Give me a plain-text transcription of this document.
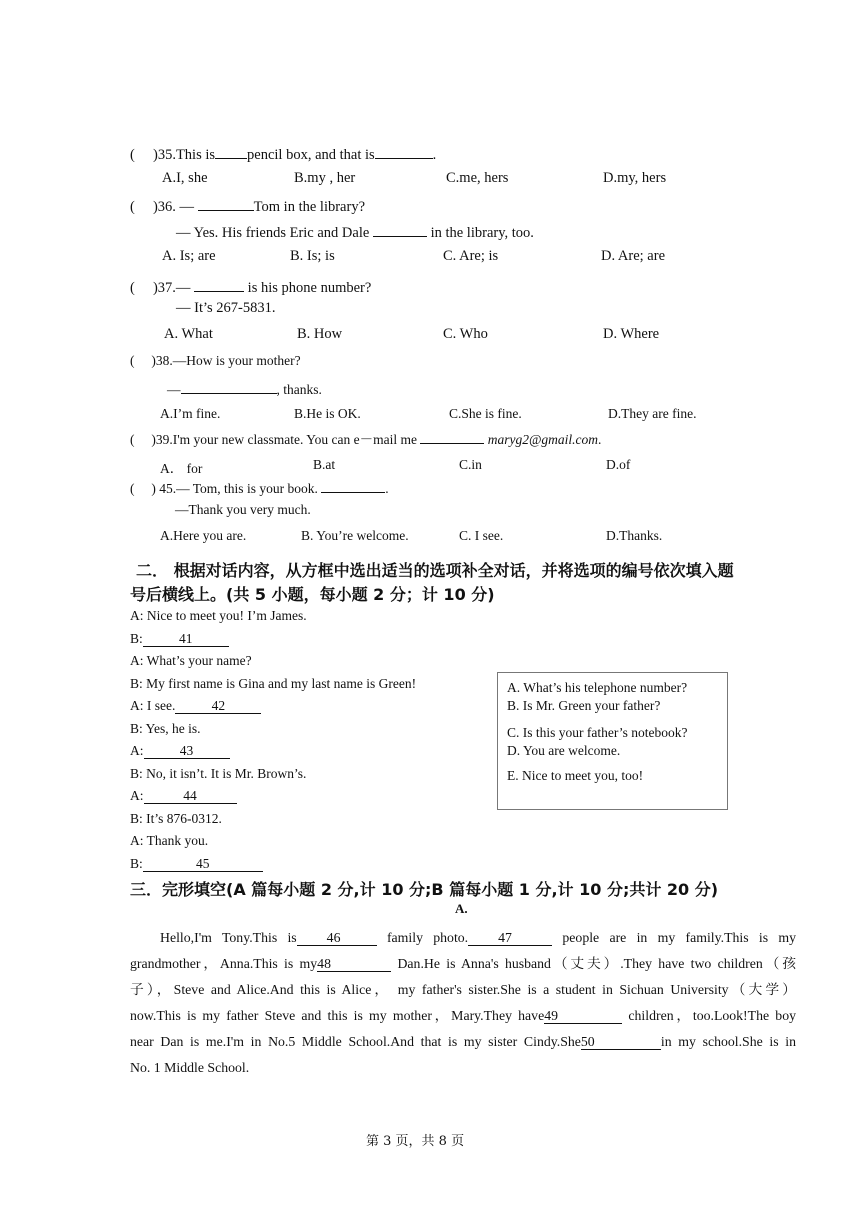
( )35.This is pencil box, and that is	.
A.I, she	B.my , her	C.me, hers	D.my, hers
(     )36. —	Tom in the library?
— Yes. His friends Eric and Dale	in the library, too.
A. Is; are	B. Is; is	C. Are; is	D. Are; are
(     )37.—	is his phone number?
— It’s 267-5831.
A. What	B. How	C. Who	D. Where
(     )38.—How is your mother?
—	, thanks.
A.I’m fine.	B.He is OK.	C.She is fine.	D.They are fine.
(     )39.I'm your new classmate. You can e－mail me	maryg2@gmail.com.
A． for	B.at	C.in	D.of
(     ) 45.— Tom, this is your book.	.
—Thank you very much.
A.Here you are.	B. You’re welcome.	C. I see.	D.Thanks.
二． 根据对话内容，从方框中选出适当的选项补全对话，并将选项的编号依次填入题
号后横线上。(共 5 小题，每小题 2 分；计 10 分)
A: Nice to meet you! I’m James.
B:	41
A: What’s your name?
B: My first name is Gina and my last name is Green!
A: I see.	42
B: Yes, he is.
A:	43
B: No, it isn’t. It is Mr. Brown’s.
A:	44
B: It’s 876-0312.
A: Thank you.
B:	45
A. What’s his telephone number?
B. Is Mr. Green your father?
C. Is this your father’s notebook?
D. You are welcome.
E. Nice to meet you, too!
三．完形填空(A 篇每小题 2 分,计 10 分;B 篇每小题 1 分,计 10 分;共计 20 分)
A.
Hello,I'm Tony.This is 46	family photo. 47	people are in my family.This is my
grandmother，Anna.This is my48	Dan.He is Anna's husband（丈夫）.They have two children（孩
子），Steve and Alice.And this is Alice， my father's sister.She is a student in Sichuan University（大学）
now.This is my father Steve and this is my mother，Mary.They have49	children，too.Look!The boy
near Dan is me.I'm in No.5 Middle School.And that is my sister Cindy.She50	in my school.She is in
No. 1 Middle School.
第 3 页，共 8 页
